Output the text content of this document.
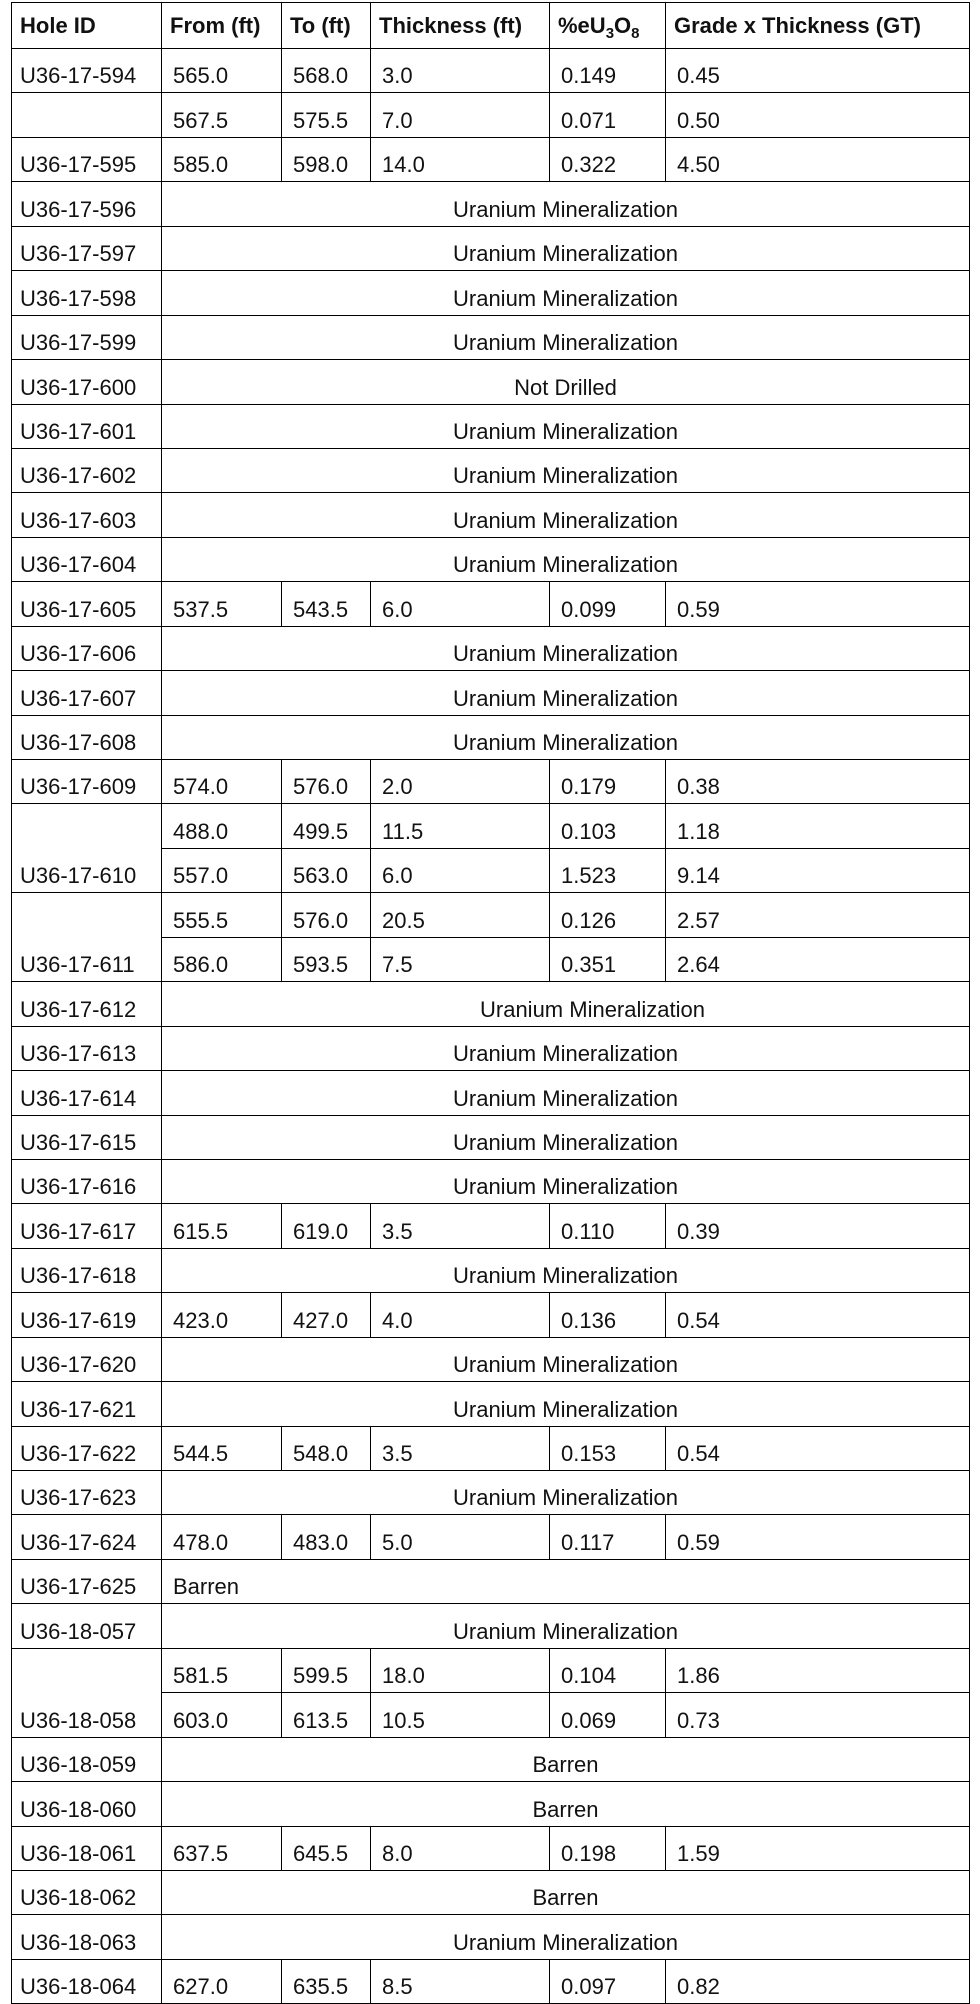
Hole ID	From (ft)	To (ft)	Thickness (ft)	$\%eU_3O_8$	Grade x Thickness (GT)
U36-17-594	565.0	568.0	3.0	0.149	0.45
	567.5	575.5	7.0	0.071	0.50
U36-17-595	585.0	598.0	14.0	0.322	4.50
U36-17-596	Uranium Mineralization				
U36-17-597	Uranium Mineralization				
U36-17-598	Uranium Mineralization				
U36-17-599	Uranium Mineralization				
U36-17-600	Not Drilled				
U36-17-601	Uranium Mineralization				
U36-17-602	Uranium Mineralization				
U36-17-603	Uranium Mineralization				
U36-17-604	Uranium Mineralization				
U36-17-605	537.5	543.5	6.0	0.099	0.59
U36-17-606	Uranium Mineralization				
U36-17-607	Uranium Mineralization				
U36-17-608	Uranium Mineralization				
U36-17-609	574.0	576.0	2.0	0.179	0.38
	488.0	499.5	11.5	0.103	1.18
U36-17-610	557.0	563.0	6.0	1.523	9.14
	555.5	576.0	20.5	0.126	2.57
U36-17-611	586.0	593.5	7.5	0.351	2.64
U36-17-612	Uranium Mineralization				
U36-17-613	Uranium Mineralization				
U36-17-614	Uranium Mineralization				
U36-17-615	Uranium Mineralization				
U36-17-616	Uranium Mineralization				
U36-17-617	615.5	619.0	3.5	0.110	0.39
U36-17-618	Uranium Mineralization				
U36-17-619	423.0	427.0	4.0	0.136	0.54
U36-17-620	Uranium Mineralization				
U36-17-621	Uranium Mineralization				
U36-17-622	544.5	548.0	3.5	0.153	0.54
U36-17-623	Uranium Mineralization				
U36-17-624	478.0	483.0	5.0	0.117	0.59
U36-17-625	Barren				
U36-18-057	Uranium Mineralization				
	581.5	599.5	18.0	0.104	1.86
U36-18-058	603.0	613.5	10.5	0.069	0.73
U36-18-059	Barren				
U36-18-060	Barren				
U36-18-061	637.5	645.5	8.0	0.198	1.59
U36-18-062	Barren				
U36-18-063	Uranium Mineralization				
U36-18-064	627.0	635.5	8.5	0.097	0.82
